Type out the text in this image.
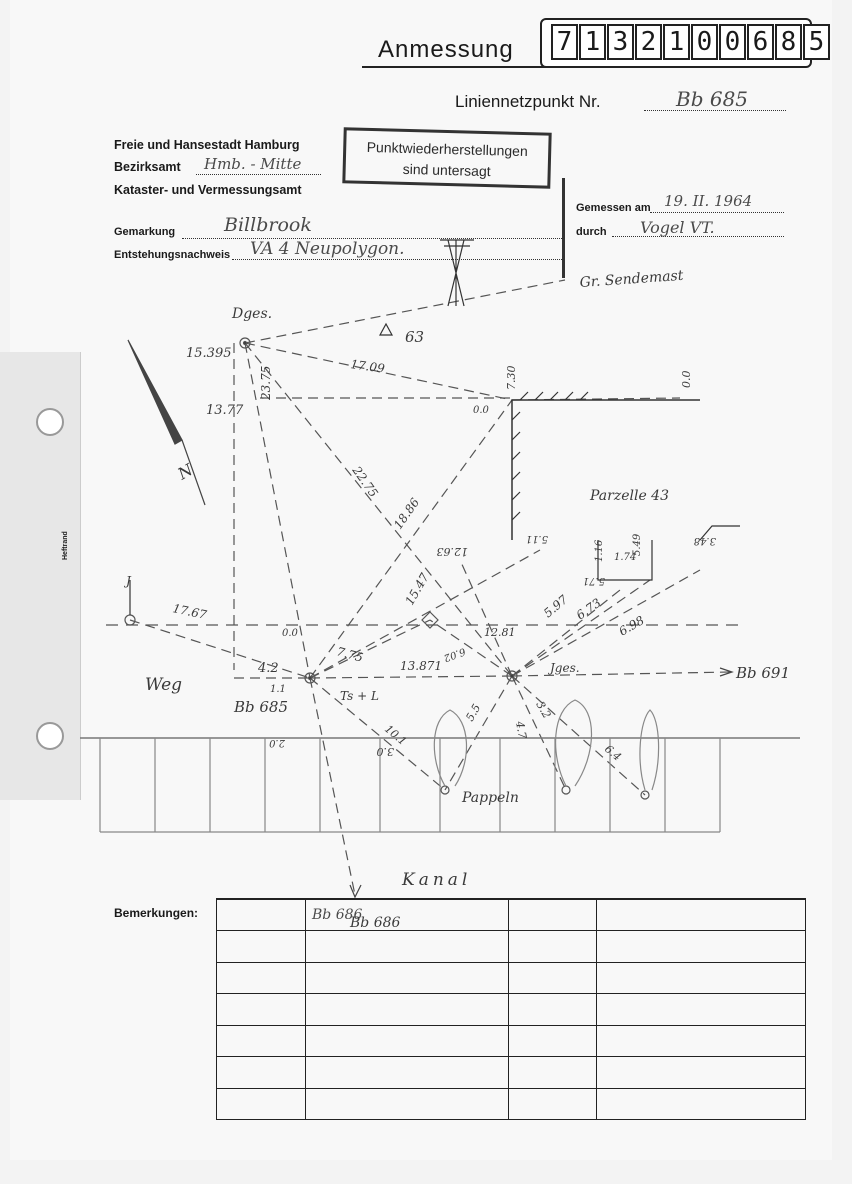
Heftrand
Anmessung 7 1 3 2 1 0 0 6 8 5
Liniennetzpunkt Nr.	Bb 685
Freie und Hansestadt Hamburg
Bezirksamt Hmb. - Mitte
Kataster- und Vermessungsamt
Gemarkung	Billbrook
Entstehungsnachweis VA 4 Neupolygon.
Punktwiederherstellungen
sind untersagt
Gemessen am 19. II. 1964
durch Vogel VT.
Gr. Sendemast
Dges.
63
N
Parzelle 43
Weg
Bb 685
Bb 691
Bb 686
Jges.
Pappeln
Kanal
Ts + L
J
15.395
17.09	7.30	0.0
0.0
23.75
13.77
22.75
18.86
17.67
0.0
4.2
15.47
7.75
13.871
5.97 6.73
6.98
12.63
12.81
5.11
5.71
5.49
1.16 1.74
3.48
1.1
2.0	10.1
3.0
5.5	3.2
6.4
4.7
6.02
Bemerkungen:
		Bb 686		
